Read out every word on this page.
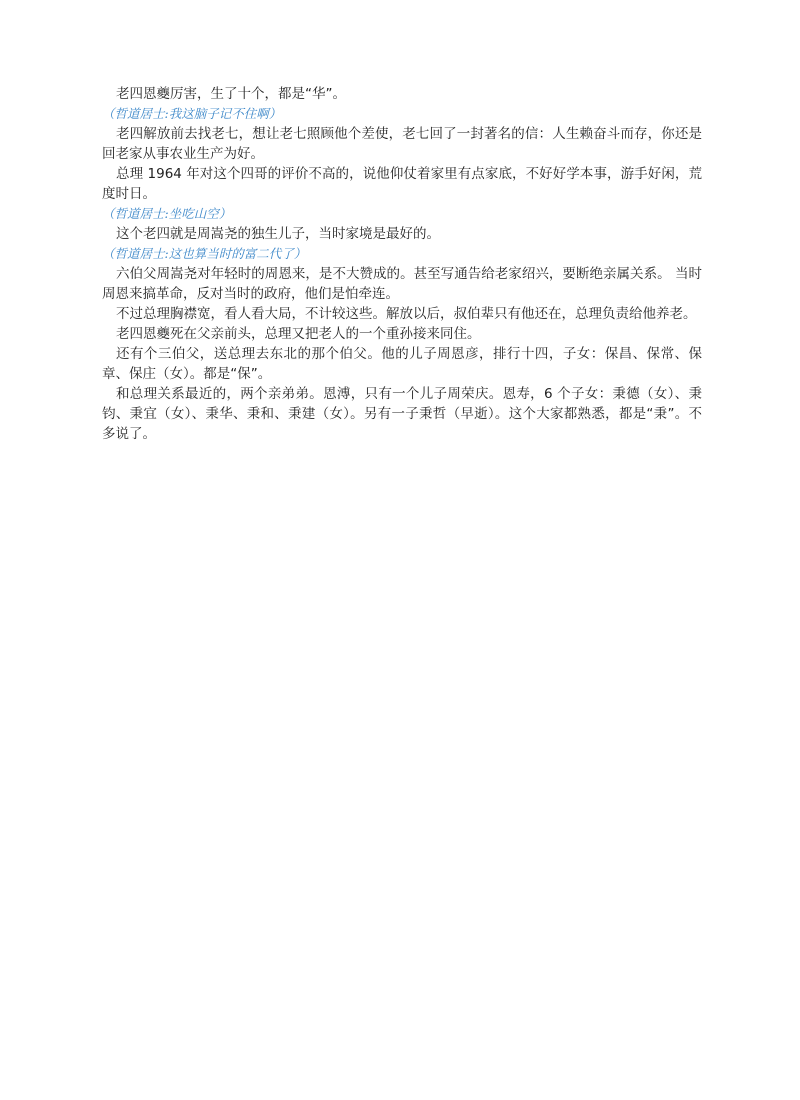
老四恩夔厉害，生了十个，都是“华”。

（哲道居士:我这脑子记不住啊）

老四解放前去找老七，想让老七照顾他个差使，老七回了一封著名的信：人生赖奋斗而存，你还是回老家从事农业生产为好。

总理 1964 年对这个四哥的评价不高的，说他仰仗着家里有点家底，不好好学本事，游手好闲，荒度时日。

（哲道居士:坐吃山空）

这个老四就是周嵩尧的独生儿子，当时家境是最好的。

（哲道居士:这也算当时的富二代了）

六伯父周嵩尧对年轻时的周恩来，是不大赞成的。甚至写通告给老家绍兴，要断绝亲属关系。 当时周恩来搞革命，反对当时的政府，他们是怕牵连。

不过总理胸襟宽，看人看大局，不计较这些。解放以后，叔伯辈只有他还在，总理负责给他养老。

老四恩夔死在父亲前头，总理又把老人的一个重孙接来同住。

还有个三伯父，送总理去东北的那个伯父。他的儿子周恩彦，排行十四，子女：保昌、保常、保章、保庄（女）。都是“保”。

和总理关系最近的，两个亲弟弟。恩溥，只有一个儿子周荣庆。恩寿，6 个子女：秉德（女）、秉钧、秉宜（女）、秉华、秉和、秉建（女）。另有一子秉哲（早逝）。这个大家都熟悉，都是“秉”。不多说了。
